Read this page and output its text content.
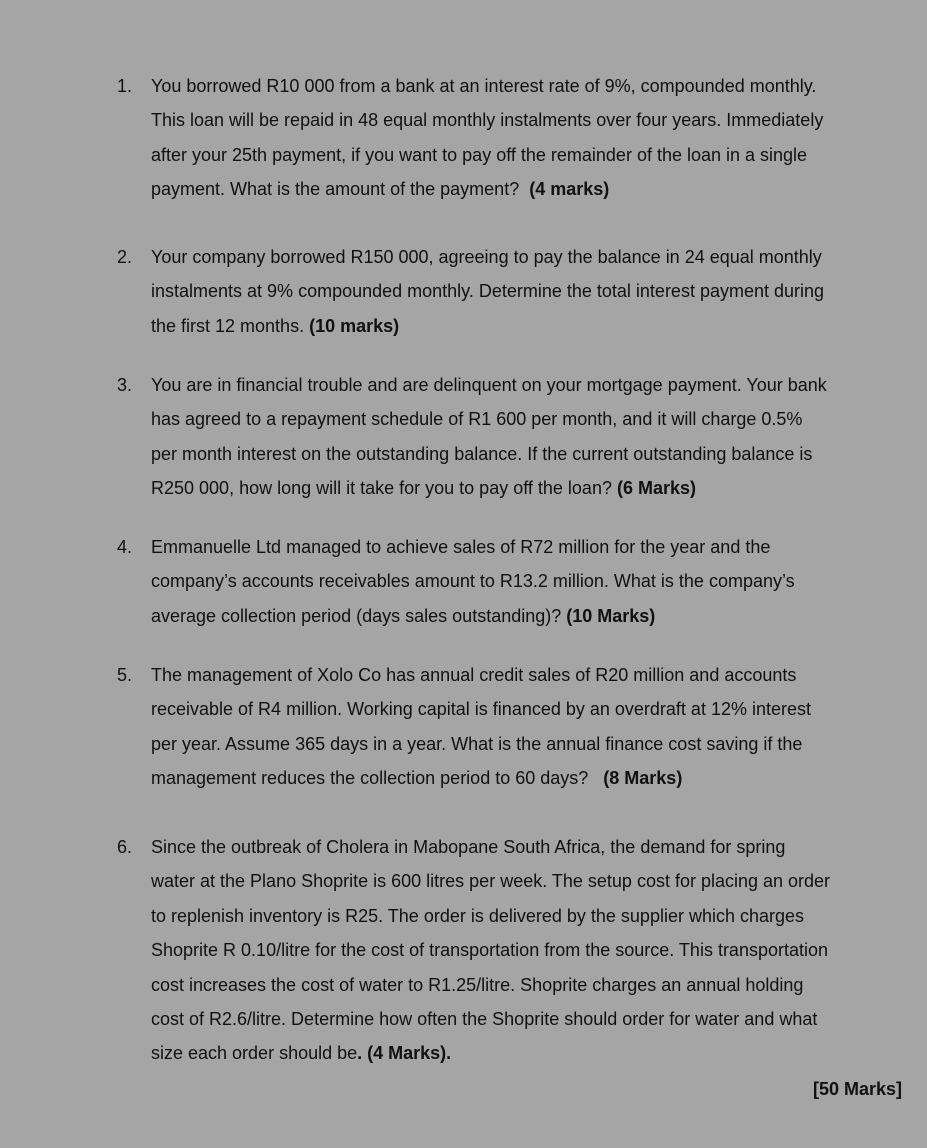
1. You borrowed R10 000 from a bank at an interest rate of 9%, compounded monthly.
This loan will be repaid in 48 equal monthly instalments over four years. Immediately
after your 25th payment, if you want to pay off the remainder of the loan in a single
payment. What is the amount of the payment?  (4 marks)
2. Your company borrowed R150 000, agreeing to pay the balance in 24 equal monthly
instalments at 9% compounded monthly. Determine the total interest payment during
the first 12 months. (10 marks)
3. You are in financial trouble and are delinquent on your mortgage payment. Your bank
has agreed to a repayment schedule of R1 600 per month, and it will charge 0.5%
per month interest on the outstanding balance. If the current outstanding balance is
R250 000, how long will it take for you to pay off the loan? (6 Marks)
4. Emmanuelle Ltd managed to achieve sales of R72 million for the year and the
company’s accounts receivables amount to R13.2 million. What is the company’s
average collection period (days sales outstanding)? (10 Marks)
5. The management of Xolo Co has annual credit sales of R20 million and accounts
receivable of R4 million. Working capital is financed by an overdraft at 12% interest
per year. Assume 365 days in a year. What is the annual finance cost saving if the
management reduces the collection period to 60 days?   (8 Marks)
6. Since the outbreak of Cholera in Mabopane South Africa, the demand for spring
water at the Plano Shoprite is 600 litres per week. The setup cost for placing an order
to replenish inventory is R25. The order is delivered by the supplier which charges
Shoprite R 0.10/litre for the cost of transportation from the source. This transportation
cost increases the cost of water to R1.25/litre. Shoprite charges an annual holding
cost of R2.6/litre. Determine how often the Shoprite should order for water and what
size each order should be. (4 Marks).
[50 Marks]
